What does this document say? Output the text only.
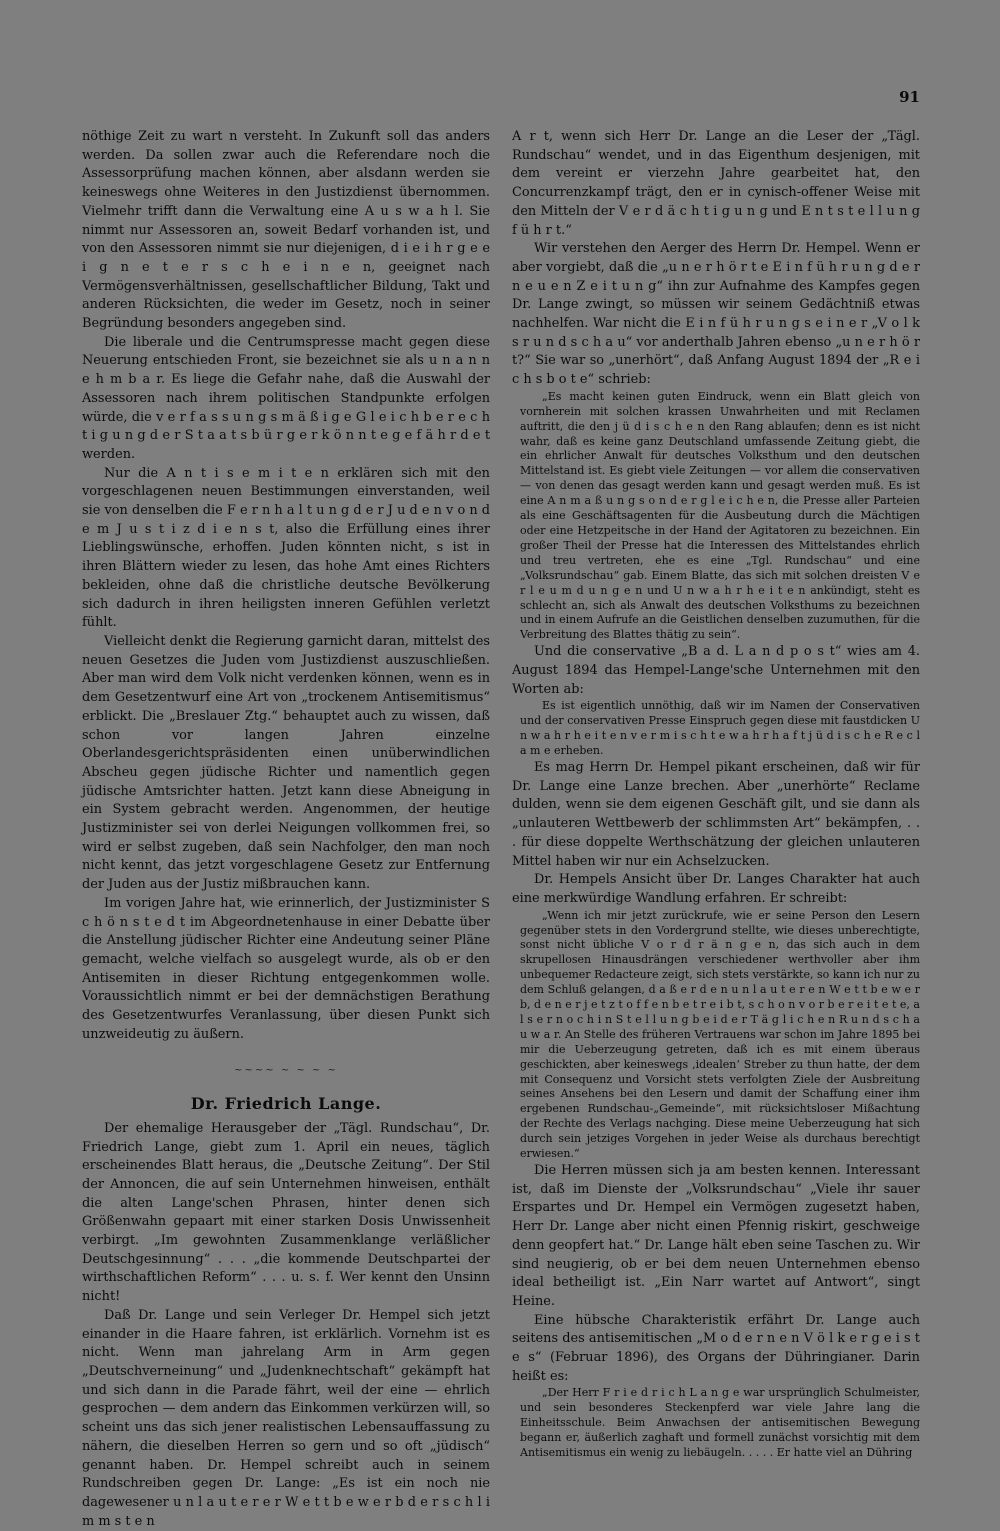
91

nöthige Zeit zu wart n versteht. In Zukunft soll das anders werden. Da sollen zwar auch die Referendare noch die Assessorprüfung machen können, aber alsdann werden sie keineswegs ohne Weiteres in den Justizdienst übernommen. Vielmehr trifft dann die Verwaltung eine A u s w a h l. Sie nimmt nur Assessoren an, soweit Bedarf vorhanden ist, und von den Assessoren nimmt sie nur diejenigen, d i e i h r g e e i g n e t e r s c h e i n e n, geeignet nach Vermögensverhältnissen, gesellschaftlicher Bildung, Takt und anderen Rücksichten, die weder im Gesetz, noch in seiner Begründung besonders angegeben sind.

Die liberale und die Centrumspresse macht gegen diese Neuerung entschieden Front, sie bezeichnet sie als u n a n n e h m b a r. Es liege die Gefahr nahe, daß die Auswahl der Assessoren nach ihrem politischen Standpunkte erfolgen würde, die v e r f a s s u n g s m ä ß i g e G l e i c h b e r e c h t i g u n g d e r S t a a t s b ü r g e r k ö n n t e g e f ä h r d e t werden.

Nur die A n t i s e m i t e n erklären sich mit den vorgeschlagenen neuen Bestimmungen einverstanden, weil sie von denselben die F e r n h a l t u n g d e r J u d e n v o n d e m J u s t i z d i e n s t, also die Erfüllung eines ihrer Lieblingswünsche, erhoffen. Juden könnten nicht, s ist in ihren Blättern wieder zu lesen, das hohe Amt eines Richters bekleiden, ohne daß die christliche deutsche Bevölkerung sich dadurch in ihren heiligsten inneren Gefühlen verletzt fühlt.

Vielleicht denkt die Regierung garnicht daran, mittelst des neuen Gesetzes die Juden vom Justizdienst auszuschließen. Aber man wird dem Volk nicht verdenken können, wenn es in dem Gesetzentwurf eine Art von „trockenem Antisemitismus“ erblickt. Die „Breslauer Ztg.“ behauptet auch zu wissen, daß schon vor langen Jahren einzelne Oberlandesgerichtspräsidenten einen unüberwindlichen Abscheu gegen jüdische Richter und namentlich gegen jüdische Amtsrichter hatten. Jetzt kann diese Abneigung in ein System gebracht werden. Angenommen, der heutige Justizminister sei von derlei Neigungen vollkommen frei, so wird er selbst zugeben, daß sein Nachfolger, den man noch nicht kennt, das jetzt vorgeschlagene Gesetz zur Entfernung der Juden aus der Justiz mißbrauchen kann.

Im vorigen Jahre hat, wie erinnerlich, der Justizminister S c h ö n s t e d t im Abgeordnetenhause in einer Debatte über die Anstellung jüdischer Richter eine Andeutung seiner Pläne gemacht, welche vielfach so ausgelegt wurde, als ob er den Antisemiten in dieser Richtung entgegenkommen wolle. Voraussichtlich nimmt er bei der demnächstigen Berathung des Gesetzentwurfes Veranlassung, über diesen Punkt sich unzweideutig zu äußern.

~~~~ ~ ~ ~ ~
Dr. Friedrich Lange.

Der ehemalige Herausgeber der „Tägl. Rundschau“, Dr. Friedrich Lange, giebt zum 1. April ein neues, täglich erscheinendes Blatt heraus, die „Deutsche Zeitung“. Der Stil der Annoncen, die auf sein Unternehmen hinweisen, enthält die alten Lange'schen Phrasen, hinter denen sich Größenwahn gepaart mit einer starken Dosis Unwissenheit verbirgt. „Im gewohnten Zusammenklange verläßlicher Deutschgesinnung“ . . . „die kommende Deutschpartei der wirthschaftlichen Reform“ . . . u. s. f. Wer kennt den Unsinn nicht!

Daß Dr. Lange und sein Verleger Dr. Hempel sich jetzt einander in die Haare fahren, ist erklärlich. Vornehm ist es nicht. Wenn man jahrelang Arm in Arm gegen „Deutschverneinung“ und „Judenknechtschaft“ gekämpft hat und sich dann in die Parade fährt, weil der eine — ehrlich gesprochen — dem andern das Einkommen verkürzen will, so scheint uns das sich jener realistischen Lebensauffassung zu nähern, die dieselben Herren so gern und so oft „jüdisch“ genannt haben. Dr. Hempel schreibt auch in seinem Rundschreiben gegen Dr. Lange: „Es ist ein noch nie dagewesener u n l a u t e r e r W e t t b e w e r b d e r s c h l i m m s t e n

A r t, wenn sich Herr Dr. Lange an die Leser der „Tägl. Rundschau“ wendet, und in das Eigenthum desjenigen, mit dem vereint er vierzehn Jahre gearbeitet hat, den Concurrenzkampf trägt, den er in cynisch-offener Weise mit den Mitteln der V e r d ä c h t i g u n g und E n t s t e l l u n g f ü h r t.“

Wir verstehen den Aerger des Herrn Dr. Hempel. Wenn er aber vorgiebt, daß die „u n e r h ö r t e E i n f ü h r u n g d e r n e u e n Z e i t u n g“ ihn zur Aufnahme des Kampfes gegen Dr. Lange zwingt, so müssen wir seinem Gedächtniß etwas nachhelfen. War nicht die E i n f ü h r u n g s e i n e r „V o l k s r u n d s c h a u“ vor anderthalb Jahren ebenso „u n e r h ö r t?“ Sie war so „unerhört“, daß Anfang August 1894 der „R e i c h s b o t e“ schrieb:

„Es macht keinen guten Eindruck, wenn ein Blatt gleich von vornherein mit solchen krassen Unwahrheiten und mit Reclamen auftritt, die den j ü d i s c h e n den Rang ablaufen; denn es ist nicht wahr, daß es keine ganz Deutschland umfassende Zeitung giebt, die ein ehrlicher Anwalt für deutsches Volksthum und den deutschen Mittelstand ist. Es giebt viele Zeitungen — vor allem die conservativen — von denen das gesagt werden kann und gesagt werden muß. Es ist eine A n m a ß u n g s o n d e r g l e i c h e n, die Presse aller Parteien als eine Geschäftsagenten für die Ausbeutung durch die Mächtigen oder eine Hetzpeitsche in der Hand der Agitatoren zu bezeichnen. Ein großer Theil der Presse hat die Interessen des Mittelstandes ehrlich und treu vertreten, ehe es eine „Tgl. Rundschau“ und eine „Volksrundschau“ gab. Einem Blatte, das sich mit solchen dreisten V e r l e u m d u n g e n und U n w a h r h e i t e n ankündigt, steht es schlecht an, sich als Anwalt des deutschen Volksthums zu bezeichnen und in einem Aufrufe an die Geistlichen denselben zuzumuthen, für die Verbreitung des Blattes thätig zu sein“.

Und die conservative „B a d. L a n d p o s t“ wies am 4. August 1894 das Hempel-Lange'sche Unternehmen mit den Worten ab:

Es ist eigentlich unnöthig, daß wir im Namen der Conservativen und der conservativen Presse Einspruch gegen diese mit faustdicken U n w a h r h e i t e n v e r m i s c h t e w a h r h a f t j ü d i s c h e R e c l a m e erheben.

Es mag Herrn Dr. Hempel pikant erscheinen, daß wir für Dr. Lange eine Lanze brechen. Aber „unerhörte“ Reclame dulden, wenn sie dem eigenen Geschäft gilt, und sie dann als „unlauteren Wettbewerb der schlimmsten Art“ bekämpfen, . . . für diese doppelte Werthschätzung der gleichen unlauteren Mittel haben wir nur ein Achselzucken.

Dr. Hempels Ansicht über Dr. Langes Charakter hat auch eine merkwürdige Wandlung erfahren. Er schreibt:

„Wenn ich mir jetzt zurückrufe, wie er seine Person den Lesern gegenüber stets in den Vordergrund stellte, wie dieses unberechtigte, sonst nicht übliche V o r d r ä n g e n, das sich auch in dem skrupellosen Hinausdrängen verschiedener werthvoller aber ihm unbequemer Redacteure zeigt, sich stets verstärkte, so kann ich nur zu dem Schluß gelangen, d a ß e r d e n u n l a u t e r e n W e t t b e w e r b, d e n e r j e t z t o f f e n b e t r e i b t, s c h o n v o r b e r e i t e t e, a l s e r n o c h i n S t e l l u n g b e i d e r T ä g l i c h e n R u n d s c h a u w a r. An Stelle des früheren Vertrauens war schon im Jahre 1895 bei mir die Ueberzeugung getreten, daß ich es mit einem überaus geschickten, aber keineswegs ‚idealen‘ Streber zu thun hatte, der dem mit Consequenz und Vorsicht stets verfolgten Ziele der Ausbreitung seines Ansehens bei den Lesern und damit der Schaffung einer ihm ergebenen Rundschau-„Gemeinde“, mit rücksichtsloser Mißachtung der Rechte des Verlags nachging. Diese meine Ueberzeugung hat sich durch sein jetziges Vorgehen in jeder Weise als durchaus berechtigt erwiesen.“

Die Herren müssen sich ja am besten kennen. Interessant ist, daß im Dienste der „Volksrundschau“ „Viele ihr sauer Erspartes und Dr. Hempel ein Vermögen zugesetzt haben, Herr Dr. Lange aber nicht einen Pfennig riskirt, geschweige denn geopfert hat.“ Dr. Lange hält eben seine Taschen zu. Wir sind neugierig, ob er bei dem neuen Unternehmen ebenso ideal betheiligt ist. „Ein Narr wartet auf Antwort“, singt Heine.

Eine hübsche Charakteristik erfährt Dr. Lange auch seitens des antisemitischen „M o d e r n e n V ö l k e r g e i s t e s“ (Februar 1896), des Organs der Dühringianer. Darin heißt es:

„Der Herr F r i e d r i c h L a n g e war ursprünglich Schulmeister, und sein besonderes Steckenpferd war viele Jahre lang die Einheitsschule. Beim Anwachsen der antisemitischen Bewegung begann er, äußerlich zaghaft und formell zunächst vorsichtig mit dem Antisemitismus ein wenig zu liebäugeln. . . . . Er hatte viel an Dühring
